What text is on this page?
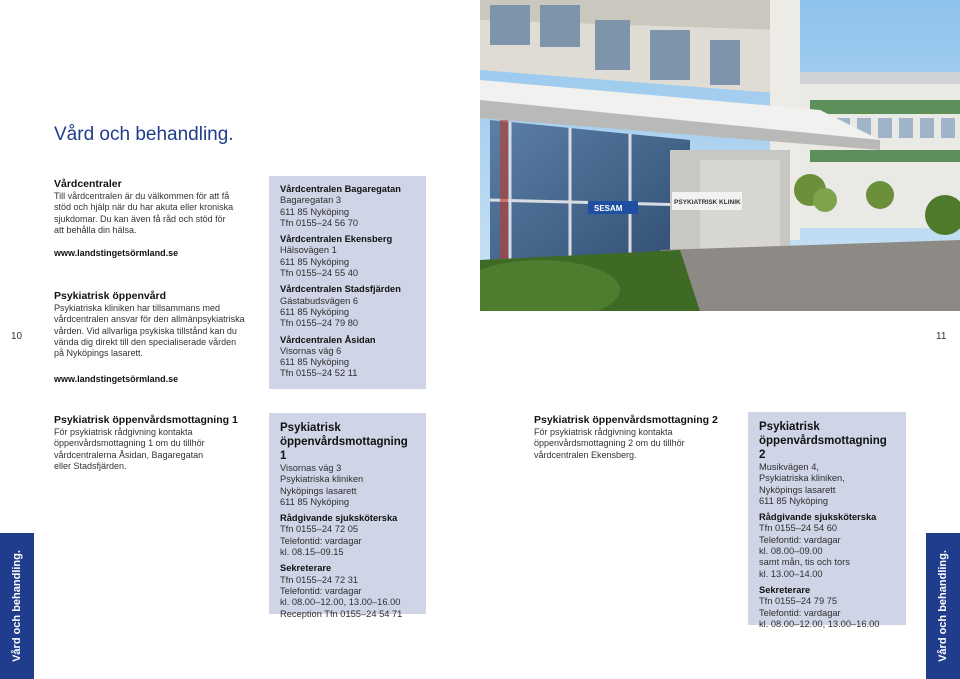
Vård och behandling.
Vårdcentraler
Till vårdcentralen är du välkommen för att få
stöd och hjälp när du har akuta eller kroniska
sjukdomar. Du kan även få råd och stöd för
att behålla din hälsa.
www.landstingetsörmland.se
Psykiatrisk öppenvård
Psykiatriska kliniken har tillsammans med
vårdcentralen ansvar för den allmänpsykiatriska
vården. Vid allvarliga psykiska tillstånd kan du
vända dig direkt till den specialiserade vården
på Nyköpings lasarett.
www.landstingetsörmland.se
Vårdcentralen Bagaregatan
Bagaregatan 3
611 85 Nyköping
Tfn 0155–24 56 70
Vårdcentralen Ekensberg
Hälsovägen 1
611 85 Nyköping
Tfn 0155–24 55 40
Vårdcentralen Stadsfjärden
Gästabudsvägen 6
611 85 Nyköping
Tfn 0155–24 79 80
Vårdcentralen Åsidan
Visornas väg 6
611 85 Nyköping
Tfn 0155–24 52 11
10	11
SESAM
PSYKIATRISK KLINIK
Psykiatrisk öppenvårdsmottagning 1
För psykiatrisk rådgivning kontakta
öppenvårdsmottagning 1 om du tillhör
vårdcentralerna Åsidan, Bagaregatan
eller Stadsfjärden.
Psykiatrisk
öppenvårdsmottagning 1
Visornas väg 3
Psykiatriska kliniken
Nyköpings lasarett
611 85 Nyköping
Rådgivande sjuksköterska
Tfn 0155–24 72 05
Telefontid: vardagar
kl. 08.15–09.15
Sekreterare
Tfn 0155–24 72 31
Telefontid: vardagar
kl. 08.00–12.00, 13.00–16.00
Reception Tfn 0155–24 54 71
Psykiatrisk öppenvårdsmottagning 2
För psykiatrisk rådgivning kontakta
öppenvårdsmottagning 2 om du tillhör
vårdcentralen Ekensberg.
Psykiatrisk
öppenvårdsmottagning 2
Musikvägen 4,
Psykiatriska kliniken,
Nyköpings lasarett
611 85 Nyköping
Rådgivande sjuksköterska
Tfn 0155–24 54 60
Telefontid: vardagar
kl. 08.00–09.00
samt mån, tis och tors
kl. 13.00–14.00
Sekreterare
Tfn 0155–24 79 75
Telefontid: vardagar
kl. 08.00–12.00, 13.00–16.00
Vård och behandling.	Vård och behandling.
